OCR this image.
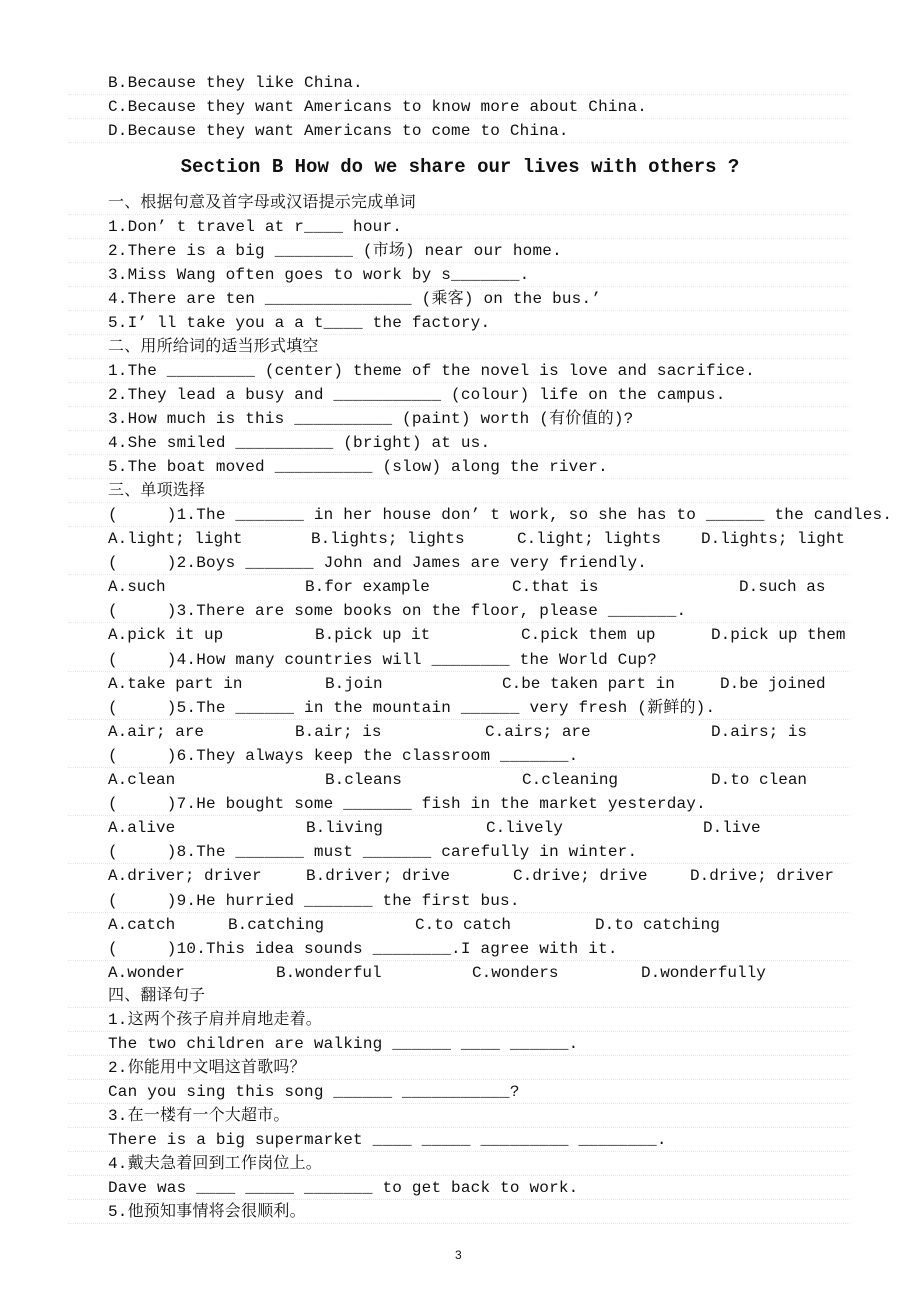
B.Because they like China.
C.Because they want Americans to know more about China.
D.Because they want Americans to come to China.
Section B How do we share our lives with others ?
一、根据句意及首字母或汉语提示完成单词
1.Don’ t travel at r____ hour.
2.There is a big ________ (市场) near our home.
3.Miss Wang often goes to work by s_______.
4.There are ten _______________ (乘客) on the bus.’
5.I’ ll take you a a t____ the factory.
二、用所给词的适当形式填空
1.The _________ (center) theme of the novel is love and sacrifice.
2.They lead a busy and ___________ (colour) life on the campus.
3.How much is this __________ (paint) worth (有价值的)?
4.She smiled __________ (bright) at us.
5.The boat moved __________ (slow) along the river.
三、单项选择
(     )1.The _______ in her house don’ t work, so she has to ______ the candles.
A.light; light	B.lights; lights	C.light; lights D.lights; light
(     )2.Boys _______ John and James are very friendly.
A.such	B.for example	C.that is	D.such as
(     )3.There are some books on the floor, please _______.
A.pick it up	B.pick up it	C.pick them up	D.pick up them
(     )4.How many countries will ________ the World Cup?
A.take part in	B.join	C.be taken part in	D.be joined
(     )5.The ______ in the mountain ______ very fresh (新鲜的).
A.air; are	B.air; is	C.airs; are	D.airs; is
(     )6.They always keep the classroom _______.
A.clean	B.cleans	C.cleaning	D.to clean
(     )7.He bought some _______ fish in the market yesterday.
A.alive	B.living	C.lively	D.live
(     )8.The _______ must _______ carefully in winter.
A.driver; driver	B.driver; drive	C.drive; drive	D.drive; driver
(     )9.He hurried _______ the first bus.
A.catch	B.catching	C.to catch	D.to catching
(     )10.This idea sounds ________.I agree with it.
A.wonder	B.wonderful	C.wonders	D.wonderfully
四、翻译句子
1.这两个孩子肩并肩地走着。
The two children are walking ______ ____ ______.
2.你能用中文唱这首歌吗？
Can you sing this song ______ ___________?
3.在一楼有一个大超市。
There is a big supermarket ____ _____ _________ ________.
4.戴夫急着回到工作岗位上。
Dave was ____ _____ _______ to get back to work.
5.他预知事情将会很顺利。
3
